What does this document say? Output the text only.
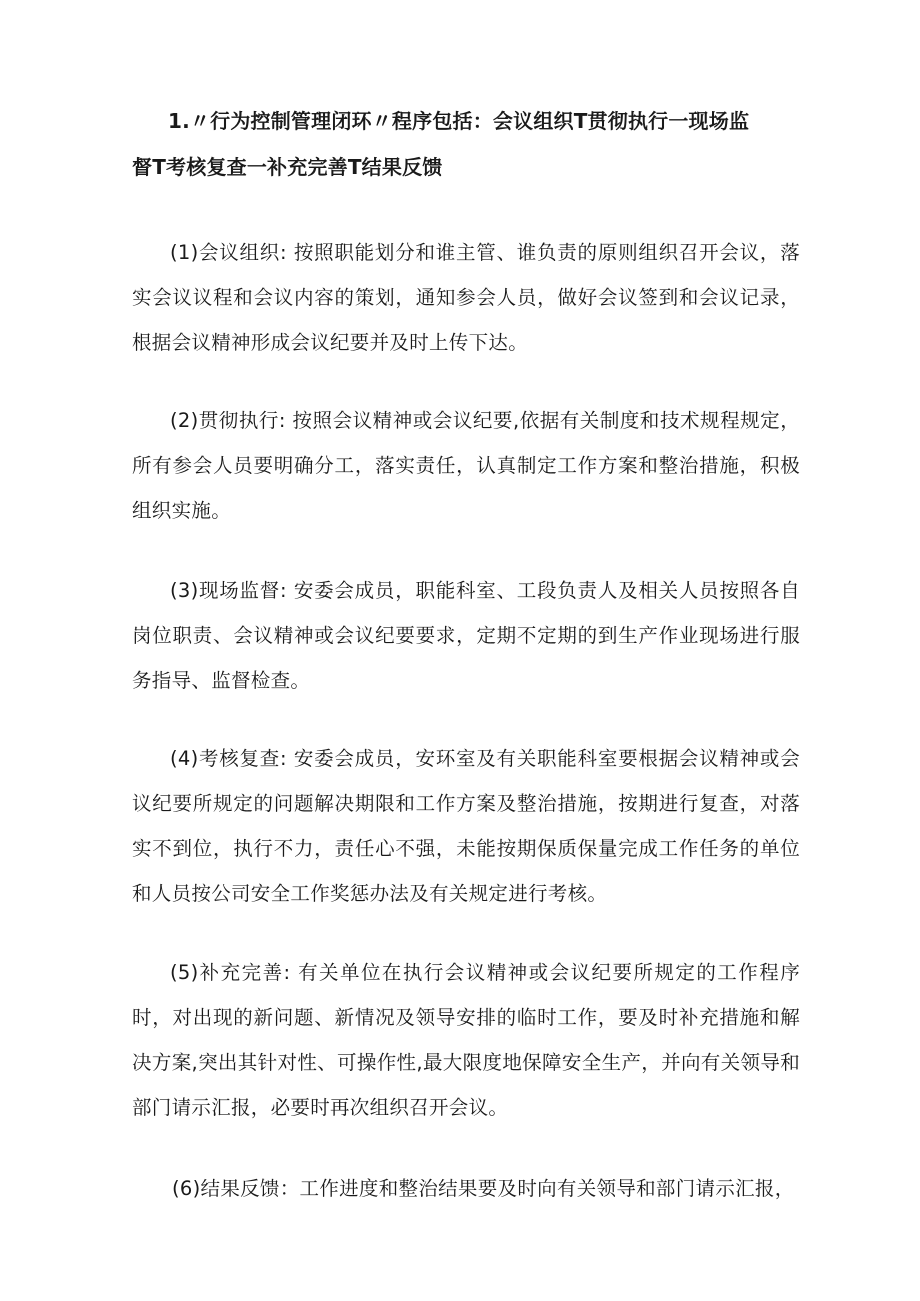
1.〃行为控制管理闭环〃程序包括：会议组织T贯彻执行一现场监
督T考核复查一补充完善T结果反馈

(1)会议组织: 按照职能划分和谁主管、谁负责的原则组织召开会议，落实会议议程和会议内容的策划，通知参会人员，做好会议签到和会议记录，根据会议精神形成会议纪要并及时上传下达。

(2)贯彻执行: 按照会议精神或会议纪要,依据有关制度和技术规程规定，所有参会人员要明确分工，落实责任，认真制定工作方案和整治措施，积极组织实施。

(3)现场监督: 安委会成员，职能科室、工段负责人及相关人员按照各自岗位职责、会议精神或会议纪要要求，定期不定期的到生产作业现场进行服务指导、监督检查。

(4)考核复查: 安委会成员，安环室及有关职能科室要根据会议精神或会议纪要所规定的问题解决期限和工作方案及整治措施，按期进行复查，对落实不到位，执行不力，责任心不强，未能按期保质保量完成工作任务的单位和人员按公司安全工作奖惩办法及有关规定进行考核。

(5)补充完善: 有关单位在执行会议精神或会议纪要所规定的工作程序时，对出现的新问题、新情况及领导安排的临时工作，要及时补充措施和解决方案,突出其针对性、可操作性,最大限度地保障安全生产，并向有关领导和部门请示汇报，必要时再次组织召开会议。

(6)结果反馈：工作进度和整治结果要及时向有关领导和部门请示汇报，
